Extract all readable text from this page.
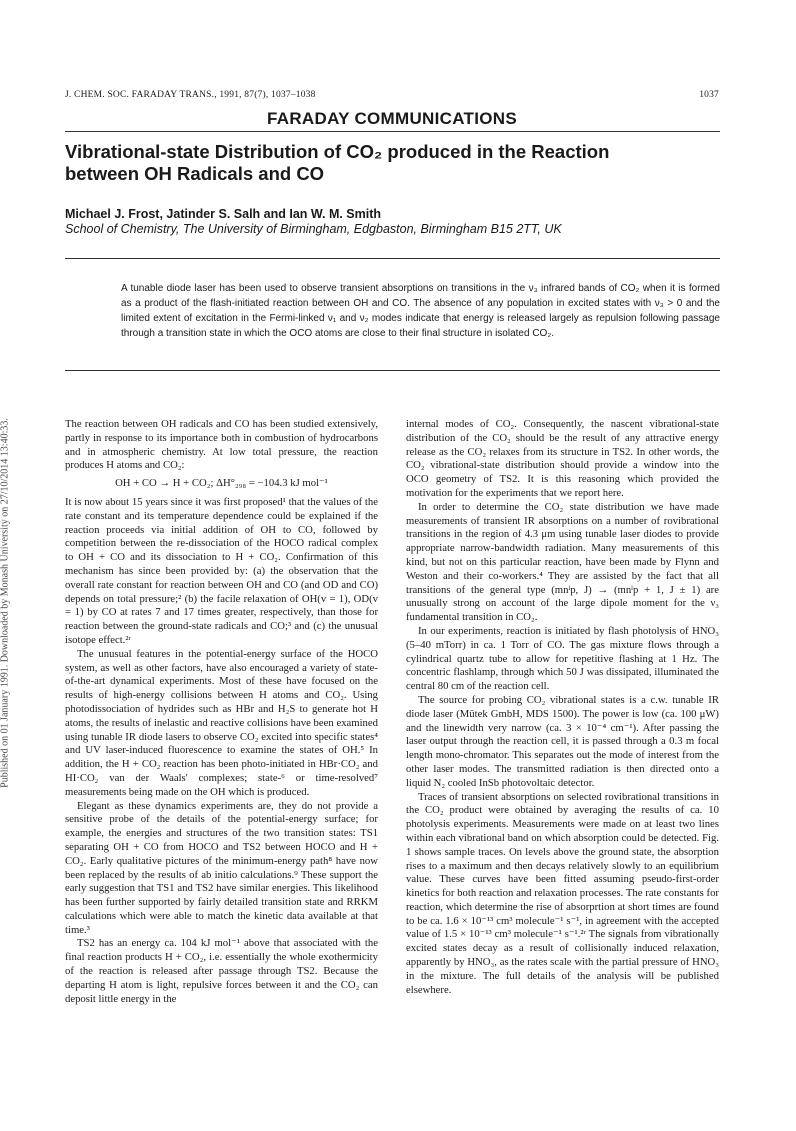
Published on 01 January 1991. Downloaded by Monash University on 27/10/2014 13:40:33.
J. CHEM. SOC. FARADAY TRANS., 1991, 87(7), 1037–1038	1037
FARADAY COMMUNICATIONS
Vibrational-state Distribution of CO₂ produced in the Reaction
between OH Radicals and CO
Michael J. Frost, Jatinder S. Salh and Ian W. M. Smith
School of Chemistry, The University of Birmingham, Edgbaston, Birmingham B15 2TT, UK
A tunable diode laser has been used to observe transient absorptions on transitions in the ν₃ infrared bands of CO₂ when it is formed as a product of the flash-initiated reaction between OH and CO. The absence of any population in excited states with ν₃ > 0 and the limited extent of excitation in the Fermi-linked ν₁ and ν₂ modes indicate that energy is released largely as repulsion following passage through a transition state in which the OCO atoms are close to their final structure in isolated CO₂.

The reaction between OH radicals and CO has been studied extensively, partly in response to its importance both in combustion of hydrocarbons and in atmospheric chemistry. At low total pressure, the reaction produces H atoms and CO₂:

OH + CO → H + CO₂; ΔH°₂₉₈ = −104.3 kJ mol⁻¹

It is now about 15 years since it was first proposed¹ that the values of the rate constant and its temperature dependence could be explained if the reaction proceeds via initial addition of OH to CO, followed by competition between the re-dissociation of the HOCO radical complex to OH + CO and its dissociation to H + CO₂. Confirmation of this mechanism has since been provided by: (a) the observation that the overall rate constant for reaction between OH and CO (and OD and CO) depends on total pressure;² (b) the facile relaxation of OH(v = 1), OD(v = 1) by CO at rates 7 and 17 times greater, respectively, than those for reaction between the ground-state radicals and CO;³ and (c) the unusual isotope effect.²ʳ

The unusual features in the potential-energy surface of the HOCO system, as well as other factors, have also encouraged a variety of state-of-the-art dynamical experiments. Most of these have focused on the results of high-energy collisions between H atoms and CO₂. Using photodissociation of hydrides such as HBr and H₂S to generate hot H atoms, the results of inelastic and reactive collisions have been examined using tunable IR diode lasers to observe CO₂ excited into specific states⁴ and UV laser-induced fluorescence to examine the states of OH.⁵ In addition, the H + CO₂ reaction has been photo-initiated in HBr·CO₂ and HI·CO₂ van der Waals' complexes; state-⁶ or time-resolved⁷ measurements being made on the OH which is produced.

Elegant as these dynamics experiments are, they do not provide a sensitive probe of the details of the potential-energy surface; for example, the energies and structures of the two transition states: TS1 separating OH + CO from HOCO and TS2 between HOCO and H + CO₂. Early qualitative pictures of the minimum-energy path⁸ have now been replaced by the results of ab initio calculations.⁹ These support the early suggestion that TS1 and TS2 have similar energies. This likelihood has been further supported by fairly detailed transition state and RRKM calculations which were able to match the kinetic data available at that time.³

TS2 has an energy ca. 104 kJ mol⁻¹ above that associated with the final reaction products H + CO₂, i.e. essentially the whole exothermicity of the reaction is released after passage through TS2. Because the departing H atom is light, repulsive forces between it and the CO₂ can deposit little energy in the

internal modes of CO₂. Consequently, the nascent vibrational-state distribution of the CO₂ should be the result of any attractive energy release as the CO₂ relaxes from its structure in TS2. In other words, the CO₂ vibrational-state distribution should provide a window into the OCO geometry of TS2. It is this reasoning which provided the motivation for the experiments that we report here.

In order to determine the CO₂ state distribution we have made measurements of transient IR absorptions on a number of rovibrational transitions in the region of 4.3 μm using tunable laser diodes to provide appropriate narrow-bandwidth radiation. Many measurements of this kind, but not on this particular reaction, have been made by Flynn and Weston and their co-workers.⁴ They are assisted by the fact that all transitions of the general type (mnˡp, J) → (mnˡp + 1, J ± 1) are unusually strong on account of the large dipole moment for the ν₃ fundamental transition in CO₂.

In our experiments, reaction is initiated by flash photolysis of HNO₃ (5–40 mTorr) in ca. 1 Torr of CO. The gas mixture flows through a cylindrical quartz tube to allow for repetitive flashing at 1 Hz. The concentric flashlamp, through which 50 J was dissipated, illuminated the central 80 cm of the reaction cell.

The source for probing CO₂ vibrational states is a c.w. tunable IR diode laser (Mütek GmbH, MDS 1500). The power is low (ca. 100 μW) and the linewidth very narrow (ca. 3 × 10⁻⁴ cm⁻¹). After passing the laser output through the reaction cell, it is passed through a 0.3 m focal length mono-chromator. This separates out the mode of interest from the other laser modes. The transmitted radiation is then directed onto a liquid N₂ cooled InSb photovoltaic detector.

Traces of transient absorptions on selected rovibrational transitions in the CO₂ product were obtained by averaging the results of ca. 10 photolysis experiments. Measurements were made on at least two lines within each vibrational band on which absorption could be detected. Fig. 1 shows sample traces. On levels above the ground state, the absorption rises to a maximum and then decays relatively slowly to an equilibrium value. These curves have been fitted assuming pseudo-first-order kinetics for both reaction and relaxation processes. The rate constants for reaction, which determine the rise of absorprtion at short times are found to be ca. 1.6 × 10⁻¹³ cm³ molecule⁻¹ s⁻¹, in agreement with the accepted value of 1.5 × 10⁻¹³ cm³ molecule⁻¹ s⁻¹.²ʳ The signals from vibrationally excited states decay as a result of collisionally induced relaxation, apparently by HNO₃, as the rates scale with the partial pressure of HNO₃ in the mixture. The full details of the analysis will be published elsewhere.
